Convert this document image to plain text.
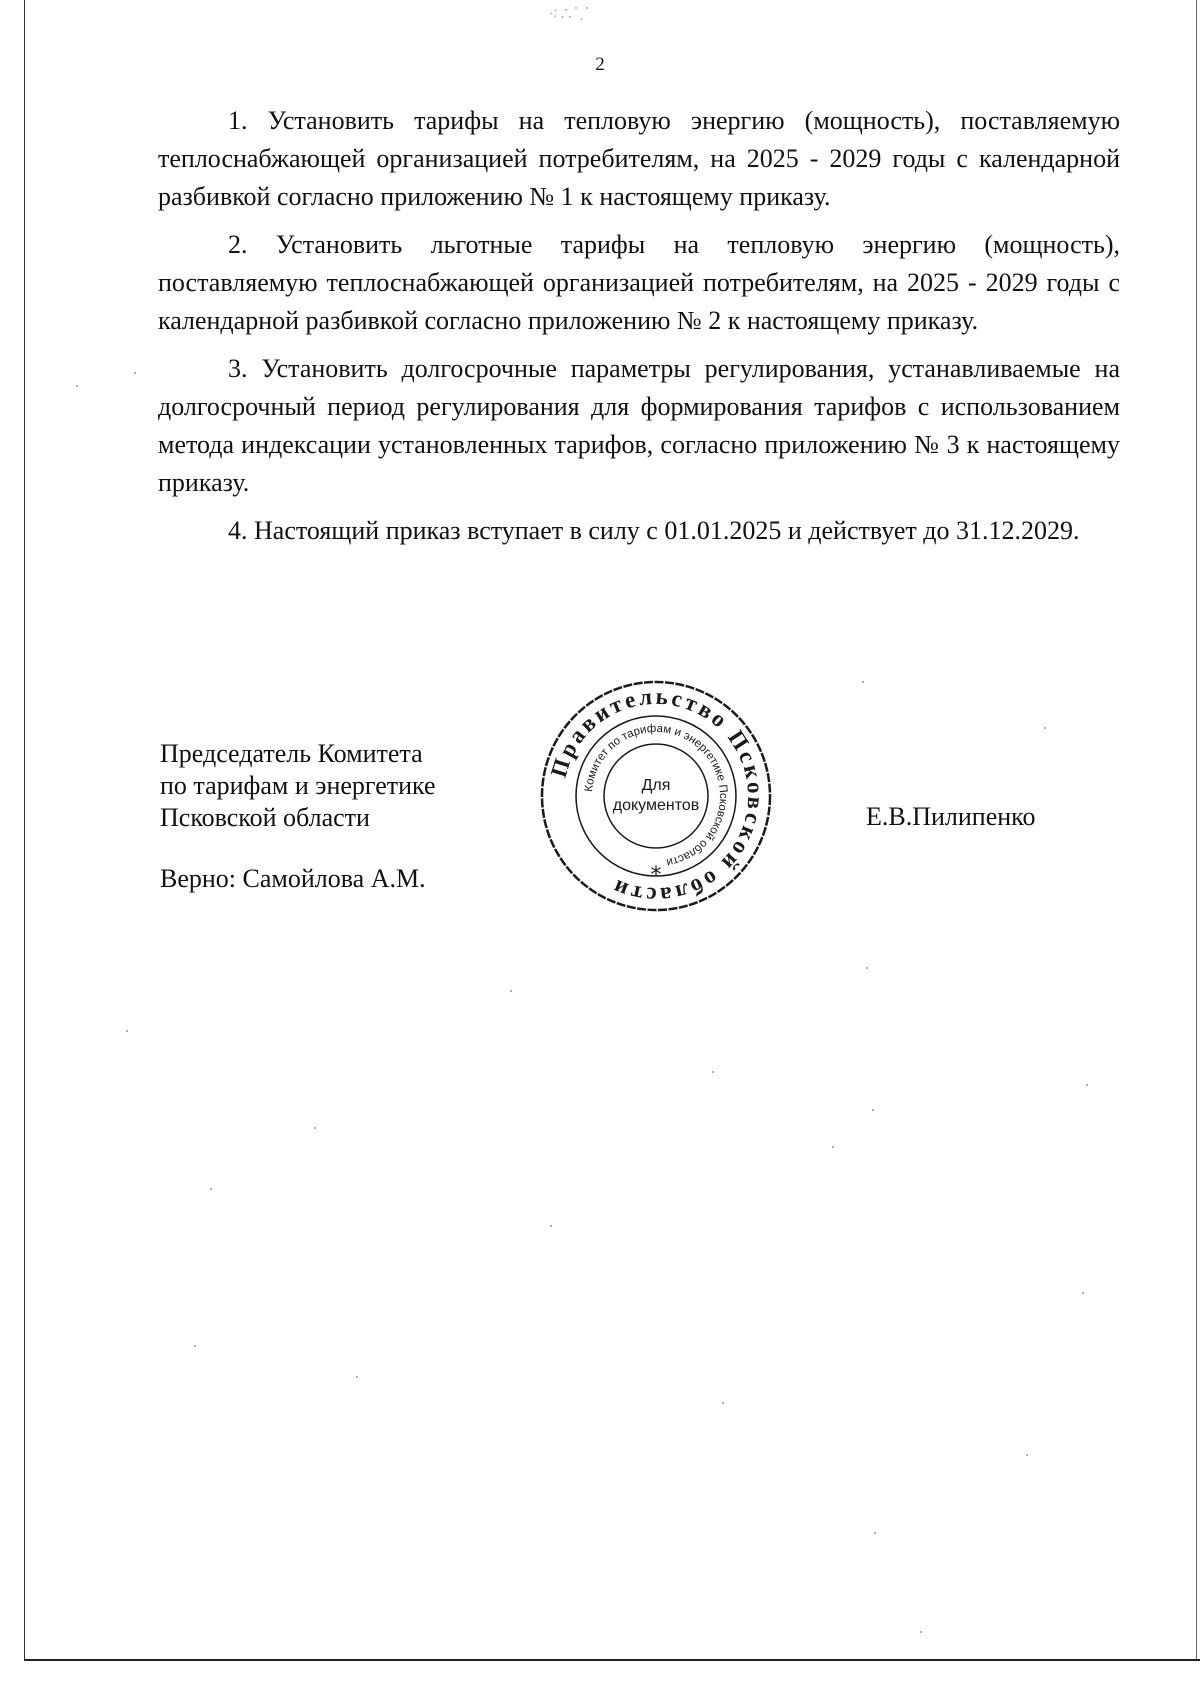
⁖∴⸪
2

1. Установить тарифы на тепловую энергию (мощность), поставляемую теплоснабжающей организацией потребителям, на 2025 - 2029 годы с календарной разбивкой согласно приложению № 1 к настоящему приказу.

2. Установить льготные тарифы на тепловую энергию (мощность), поставляемую теплоснабжающей организацией потребителям, на 2025 - 2029 годы с календарной разбивкой согласно приложению № 2 к настоящему приказу.

3. Установить долгосрочные параметры регулирования, устанавливаемые на долгосрочный период регулирования для формирования тарифов с использованием метода индексации установленных тарифов, согласно приложению № 3 к настоящему приказу.

4. Настоящий приказ вступает в силу с 01.01.2025 и действует до 31.12.2029.

Председатель Комитета
по тарифам и энергетике
Псковской области
Верно: Самойлова А.М.
Е.В.Пилипенко
Правительство Псковской области
Комитет по тарифам и энергетике Псковской области
Для
документов
*
